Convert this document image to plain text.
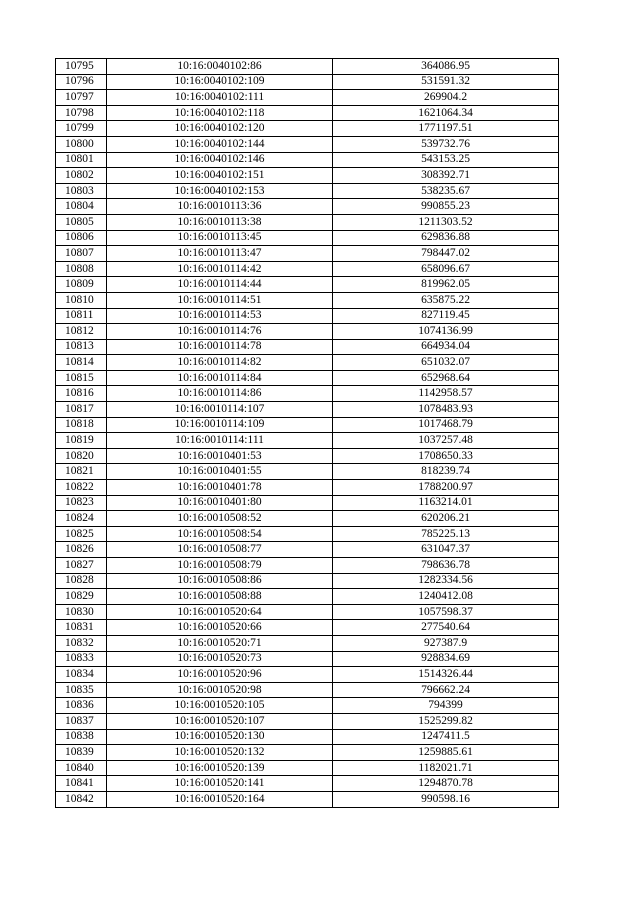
10795	10:16:0040102:86	364086.95
10796	10:16:0040102:109	531591.32
10797	10:16:0040102:111	269904.2
10798	10:16:0040102:118	1621064.34
10799	10:16:0040102:120	1771197.51
10800	10:16:0040102:144	539732.76
10801	10:16:0040102:146	543153.25
10802	10:16:0040102:151	308392.71
10803	10:16:0040102:153	538235.67
10804	10:16:0010113:36	990855.23
10805	10:16:0010113:38	1211303.52
10806	10:16:0010113:45	629836.88
10807	10:16:0010113:47	798447.02
10808	10:16:0010114:42	658096.67
10809	10:16:0010114:44	819962.05
10810	10:16:0010114:51	635875.22
10811	10:16:0010114:53	827119.45
10812	10:16:0010114:76	1074136.99
10813	10:16:0010114:78	664934.04
10814	10:16:0010114:82	651032.07
10815	10:16:0010114:84	652968.64
10816	10:16:0010114:86	1142958.57
10817	10:16:0010114:107	1078483.93
10818	10:16:0010114:109	1017468.79
10819	10:16:0010114:111	1037257.48
10820	10:16:0010401:53	1708650.33
10821	10:16:0010401:55	818239.74
10822	10:16:0010401:78	1788200.97
10823	10:16:0010401:80	1163214.01
10824	10:16:0010508:52	620206.21
10825	10:16:0010508:54	785225.13
10826	10:16:0010508:77	631047.37
10827	10:16:0010508:79	798636.78
10828	10:16:0010508:86	1282334.56
10829	10:16:0010508:88	1240412.08
10830	10:16:0010520:64	1057598.37
10831	10:16:0010520:66	277540.64
10832	10:16:0010520:71	927387.9
10833	10:16:0010520:73	928834.69
10834	10:16:0010520:96	1514326.44
10835	10:16:0010520:98	796662.24
10836	10:16:0010520:105	794399
10837	10:16:0010520:107	1525299.82
10838	10:16:0010520:130	1247411.5
10839	10:16:0010520:132	1259885.61
10840	10:16:0010520:139	1182021.71
10841	10:16:0010520:141	1294870.78
10842	10:16:0010520:164	990598.16
